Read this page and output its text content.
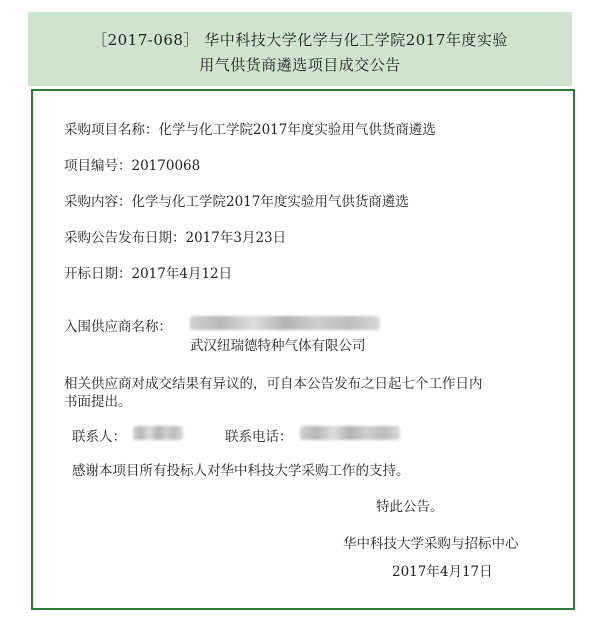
［2017-068］ 华中科技大学化学与化工学院2017年度实验
用气供货商遴选项目成交公告
采购项目名称：化学与化工学院2017年度实验用气供货商遴选
项目编号：20170068
采购内容：化学与化工学院2017年度实验用气供货商遴选
采购公告发布日期：2017年3月23日
开标日期：2017年4月12日
入围供应商名称：
武汉纽瑞德特种气体有限公司
相关供应商对成交结果有异议的，可自本公告发布之日起七个工作日内
书面提出。
联系人：	联系电话：
感谢本项目所有投标人对华中科技大学采购工作的支持。
特此公告。
华中科技大学采购与招标中心
2017年4月17日
